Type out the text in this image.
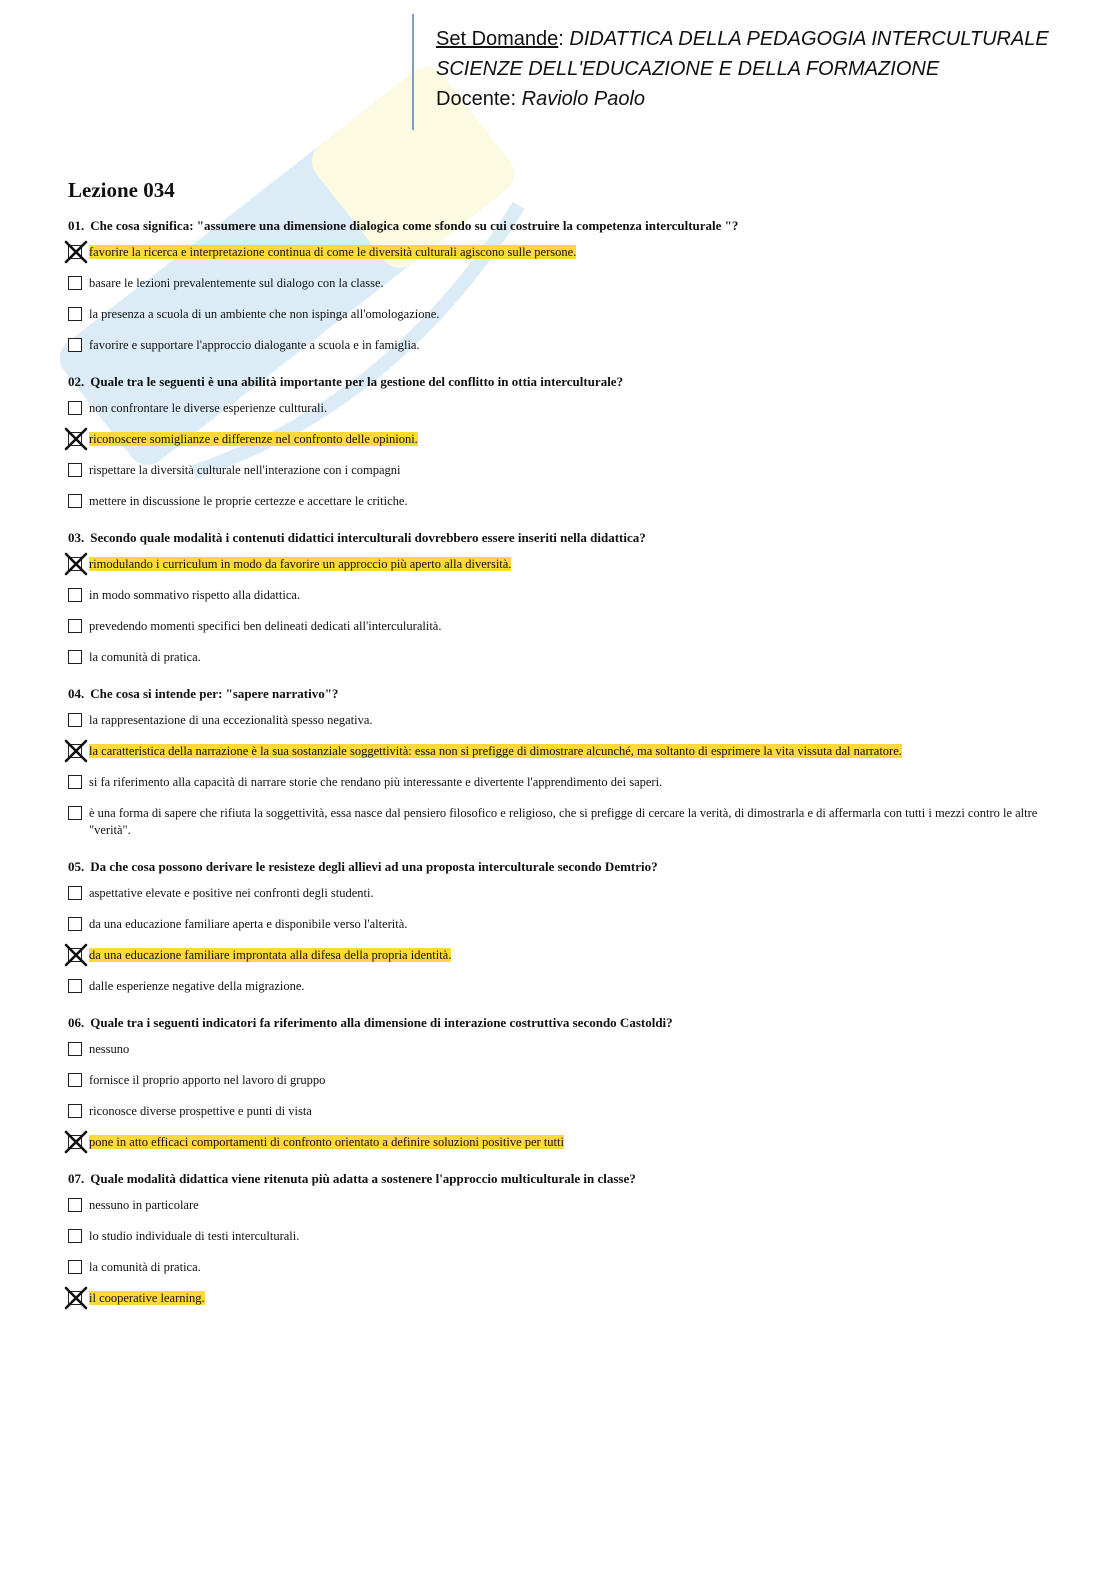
Set Domande: DIDATTICA DELLA PEDAGOGIA INTERCULTURALE
SCIENZE DELL'EDUCAZIONE E DELLA FORMAZIONE
Docente: Raviolo Paolo
Lezione 034
01. Che cosa significa: "assumere una dimensione dialogica come sfondo su cui costruire la competenza interculturale "?
favorire la ricerca e interpretazione continua di come le diversità culturali agiscono sulle persone.
basare le lezioni prevalentemente sul dialogo con la classe.
la presenza a scuola di un ambiente che non ispinga all'omologazione.
favorire e supportare l'approccio dialogante a scuola e in famiglia.
02. Quale tra le seguenti è una abilità importante per la gestione del conflitto in ottia interculturale?
non confrontare le diverse esperienze cultturali.
riconoscere somiglianze e differenze nel confronto delle opinioni.
rispettare la diversità culturale nell'interazione con i compagni
mettere in discussione le proprie certezze e accettare le critiche.
03. Secondo quale modalità i contenuti didattici interculturali dovrebbero essere inseriti nella didattica?
rimodulando i curriculum in modo da favorire un approccio più aperto alla diversità.
in modo sommativo rispetto alla didattica.
prevedendo momenti specifici ben delineati dedicati all'interculuralità.
la comunità di pratica.
04. Che cosa si intende per: "sapere narrativo"?
la rappresentazione di una eccezionalità spesso negativa.
la caratteristica della narrazione è la sua sostanziale soggettività: essa non si prefigge di dimostrare alcunché, ma soltanto di esprimere la vita vissuta dal narratore.
si fa riferimento alla capacità di narrare storie che rendano più interessante e divertente l'apprendimento dei saperi.
è una forma di sapere che rifiuta la soggettività, essa nasce dal pensiero filosofico e religioso, che si prefigge di cercare la verità, di dimostrarla e di affermarla con tutti i mezzi contro le altre "verità".
05. Da che cosa possono derivare le resisteze degli allievi ad una proposta interculturale secondo Demtrio?
aspettative elevate e positive nei confronti degli studenti.
da una educazione familiare aperta e disponibile verso l'alterità.
da una educazione familiare improntata alla difesa della propria identità.
dalle esperienze negative della migrazione.
06. Quale tra i seguenti indicatori fa riferimento alla dimensione di interazione costruttiva secondo Castoldi?
nessuno
fornisce il proprio apporto nel lavoro di gruppo
riconosce diverse prospettive e punti di vista
pone in atto efficaci comportamenti di confronto orientato a definire soluzioni positive per tutti
07. Quale modalità didattica viene ritenuta più adatta a sostenere l'approccio multiculturale in classe?
nessuno in particolare
lo studio individuale di testi interculturali.
la comunità di pratica.
il cooperative learning.
